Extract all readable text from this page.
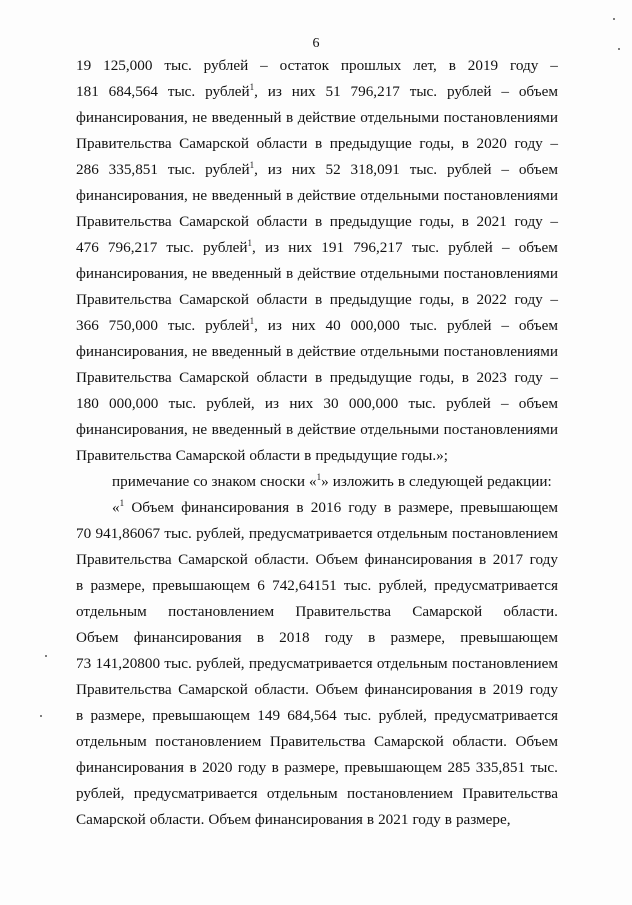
6
19 125,000 тыс. рублей – остаток прошлых лет, в 2019 году –
181 684,564 тыс. рублей$^1$, из них 51 796,217 тыс. рублей – объем
финансирования, не введенный в действие отдельными постановлениями
Правительства Самарской области в предыдущие годы, в 2020 году –
286 335,851 тыс. рублей$^1$, из них 52 318,091 тыс. рублей – объем
финансирования, не введенный в действие отдельными постановлениями
Правительства Самарской области в предыдущие годы, в 2021 году –
476 796,217 тыс. рублей$^1$, из них 191 796,217 тыс. рублей – объем
финансирования, не введенный в действие отдельными постановлениями
Правительства Самарской области в предыдущие годы, в 2022 году –
366 750,000 тыс. рублей$^1$, из них 40 000,000 тыс. рублей – объем
финансирования, не введенный в действие отдельными постановлениями
Правительства Самарской области в предыдущие годы, в 2023 году –
180 000,000 тыс. рублей, из них 30 000,000 тыс. рублей – объем
финансирования, не введенный в действие отдельными постановлениями
Правительства Самарской области в предыдущие годы.»;
примечание со знаком сноски «$^1$» изложить в следующей редакции:
«$^1$ Объем финансирования в 2016 году в размере, превышающем
70 941,86067 тыс. рублей, предусматривается отдельным постановлением
Правительства Самарской области. Объем финансирования в 2017 году
в размере, превышающем 6 742,64151 тыс. рублей, предусматривается
отдельным постановлением Правительства Самарской области.
Объем финансирования в 2018 году в размере, превышающем
73 141,20800 тыс. рублей, предусматривается отдельным постановлением
Правительства Самарской области. Объем финансирования в 2019 году
в размере, превышающем 149 684,564 тыс. рублей, предусматривается
отдельным постановлением Правительства Самарской области. Объем
финансирования в 2020 году в размере, превышающем 285 335,851 тыс.
рублей, предусматривается отдельным постановлением Правительства
Самарской области. Объем финансирования в 2021 году в размере,
